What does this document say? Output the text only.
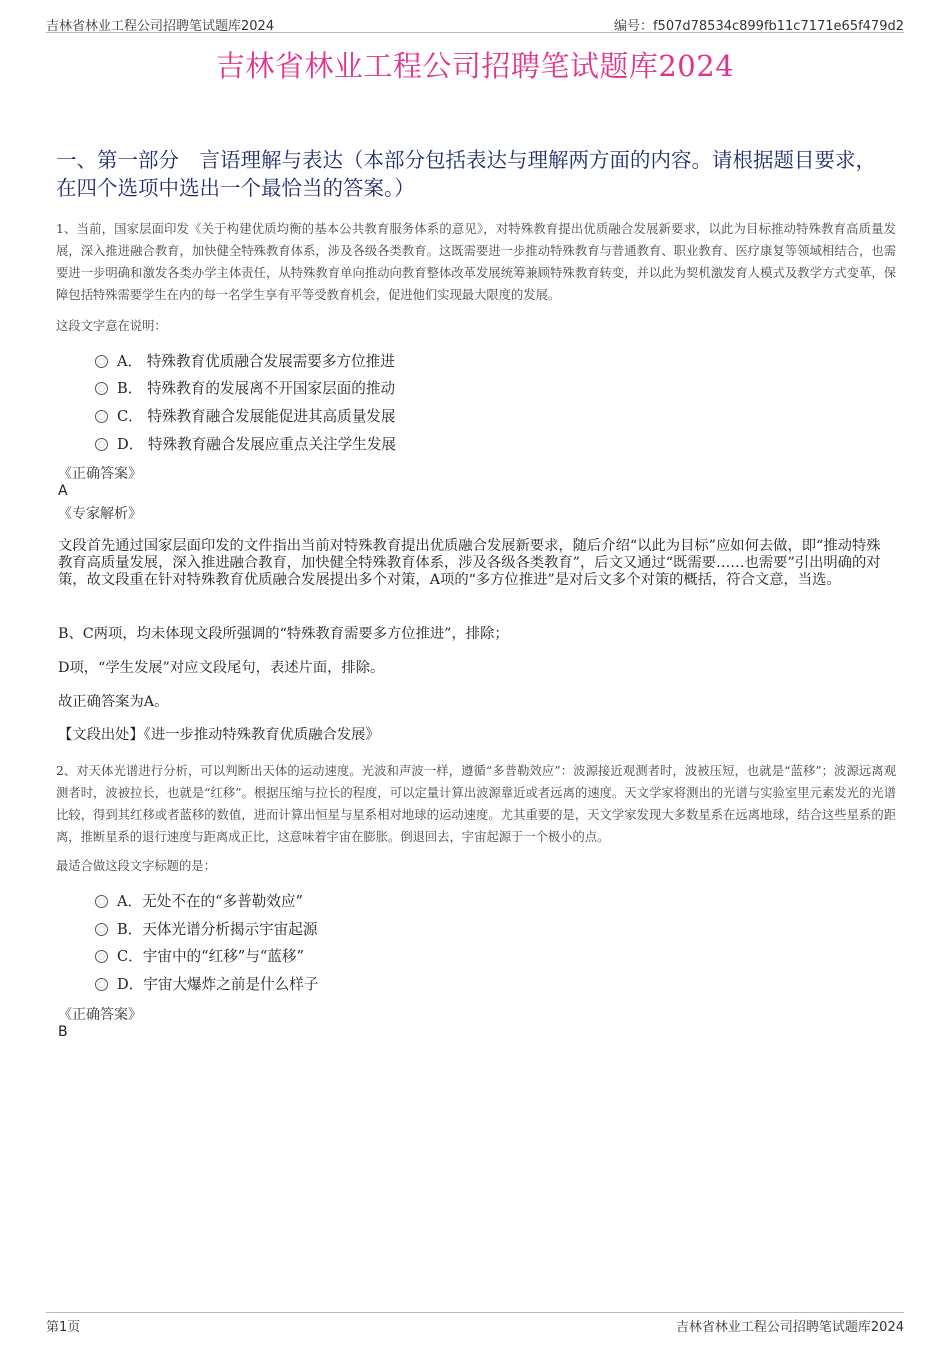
吉林省林业工程公司招聘笔试题库2024	编号：f507d78534c899fb11c7171e65f479d2
吉林省林业工程公司招聘笔试题库2024
一、第一部分　言语理解与表达（本部分包括表达与理解两方面的内容。请根据题目要求，在四个选项中选出一个最恰当的答案。）
1、当前，国家层面印发《关于构建优质均衡的基本公共教育服务体系的意见》，对特殊教育提出优质融合发展新要求，以此为目标推动特殊教育高质量发展，深入推进融合教育，加快健全特殊教育体系，涉及各级各类教育。这既需要进一步推动特殊教育与普通教育、职业教育、医疗康复等领域相结合，也需要进一步明确和激发各类办学主体责任，从特殊教育单向推动向教育整体改革发展统筹兼顾特殊教育转变，并以此为契机激发育人模式及教学方式变革，保障包括特殊需要学生在内的每一名学生享有平等受教育机会，促进他们实现最大限度的发展。
这段文字意在说明：
A． 特殊教育优质融合发展需要多方位推进
B． 特殊教育的发展离不开国家层面的推动
C． 特殊教育融合发展能促进其高质量发展
D． 特殊教育融合发展应重点关注学生发展
《正确答案》
A
《专家解析》
文段首先通过国家层面印发的文件指出当前对特殊教育提出优质融合发展新要求，随后介绍“以此为目标”应如何去做，即“推动特殊教育高质量发展，深入推进融合教育，加快健全特殊教育体系，涉及各级各类教育”，后文又通过“既需要……也需要”引出明确的对策，故文段重在针对特殊教育优质融合发展提出多个对策，A项的“多方位推进”是对后文多个对策的概括，符合文意，当选。
B、C两项，均未体现文段所强调的“特殊教育需要多方位推进”，排除；
D项，“学生发展”对应文段尾句，表述片面，排除。
故正确答案为A。
【文段出处】《进一步推动特殊教育优质融合发展》
2、对天体光谱进行分析，可以判断出天体的运动速度。光波和声波一样，遵循“多普勒效应”：波源接近观测者时，波被压短，也就是“蓝移”；波源远离观测者时，波被拉长，也就是“红移”。根据压缩与拉长的程度，可以定量计算出波源靠近或者远离的速度。天文学家将测出的光谱与实验室里元素发光的光谱比较，得到其红移或者蓝移的数值，进而计算出恒星与星系相对地球的运动速度。尤其重要的是，天文学家发现大多数星系在远离地球，结合这些星系的距离，推断星系的退行速度与距离成正比，这意味着宇宙在膨胀。倒退回去，宇宙起源于一个极小的点。
最适合做这段文字标题的是：
A．无处不在的“多普勒效应”
B．天体光谱分析揭示宇宙起源
C．宇宙中的“红移”与“蓝移”
D．宇宙大爆炸之前是什么样子
《正确答案》
B
第1页	吉林省林业工程公司招聘笔试题库2024
